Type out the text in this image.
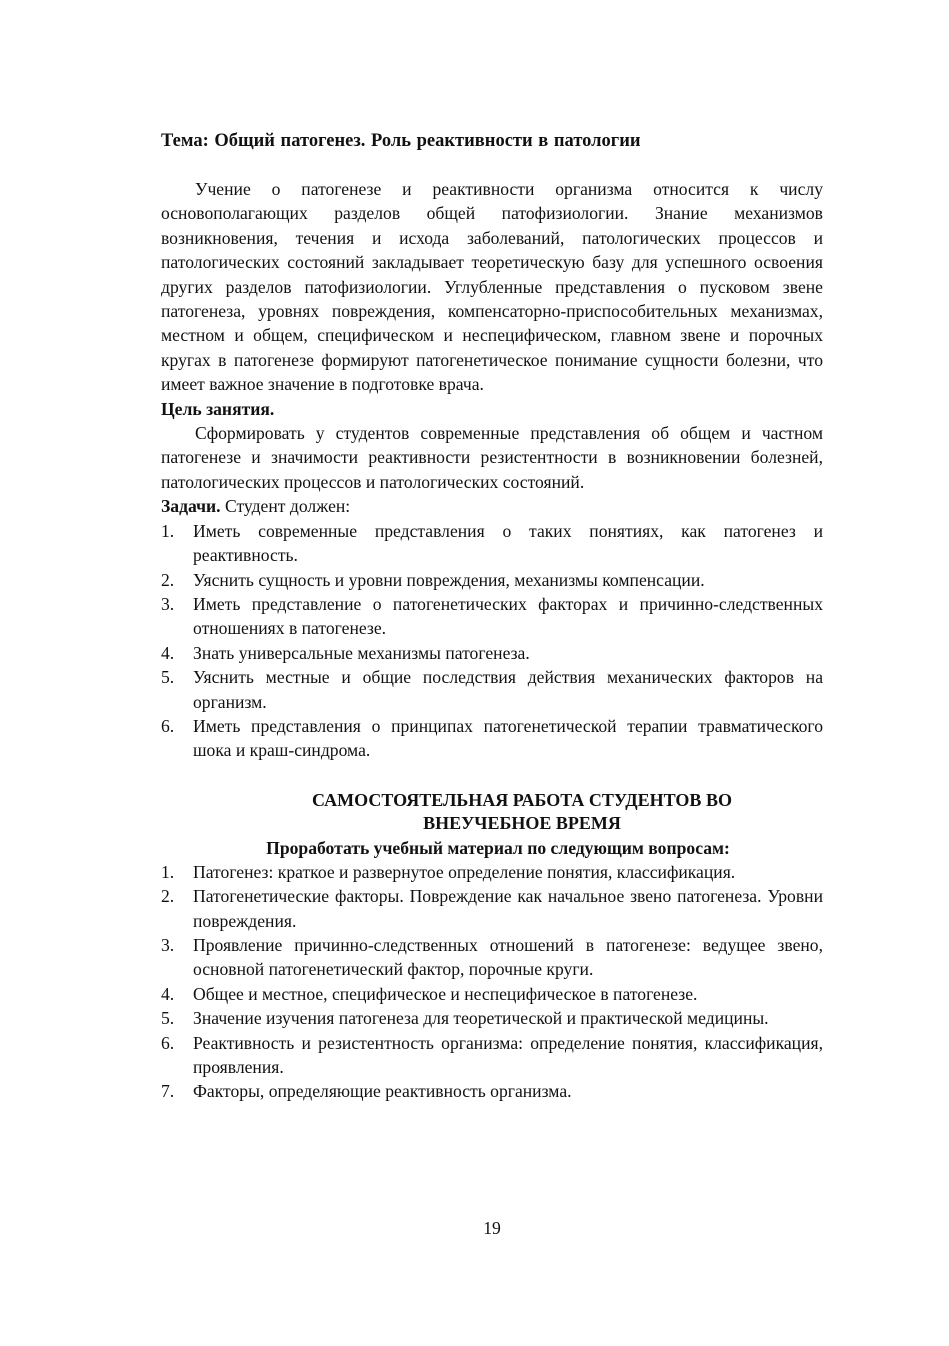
Тема: Общий патогенез. Роль реактивности в патологии

Учение о патогенезе и реактивности организма относится к числу основополагающих разделов общей патофизиологии. Знание механизмов возникновения, течения и исхода заболеваний, патологических процессов и патологических состояний закладывает теоретическую базу для успешного освоения других разделов патофизиологии. Углубленные представления о пусковом звене патогенеза, уровнях повреждения, компенсаторно-приспособительных механизмах, местном и общем, специфическом и неспецифическом, главном звене и порочных кругах в патогенезе формируют патогенетическое понимание сущности болезни, что имеет важное значение в подготовке врача.

Цель занятия.

Сформировать у студентов современные представления об общем и частном патогенезе и значимости реактивности резистентности в возникновении болезней, патологических процессов и патологических состояний.

Задачи. Студент должен:
1.	Иметь современные представления о таких понятиях, как патогенез и реактивность.
2.	Уяснить сущность и уровни повреждения, механизмы компенсации.
3.	Иметь представление о патогенетических факторах и причинно-следственных отношениях в патогенезе.
4.	Знать универсальные механизмы патогенеза.
5.	Уяснить местные и общие последствия действия механических факторов на организм.
6.	Иметь представления о принципах патогенетической терапии травматического шока и краш-синдрома.
САМОСТОЯТЕЛЬНАЯ РАБОТА СТУДЕНТОВ ВО
ВНЕУЧЕБНОЕ ВРЕМЯ
Проработать учебный материал по следующим вопросам:
1.	Патогенез: краткое и развернутое определение понятия, классификация.
2.	Патогенетические факторы. Повреждение как начальное звено патогенеза. Уровни повреждения.
3.	Проявление причинно-следственных отношений в патогенезе: ведущее звено, основной патогенетический фактор, порочные круги.
4.	Общее и местное, специфическое и неспецифическое в патогенезе.
5.	Значение изучения патогенеза для теоретической и практической медицины.
6.	Реактивность и резистентность организма: определение понятия, классификация, проявления.
7.	Факторы, определяющие реактивность организма.
19
